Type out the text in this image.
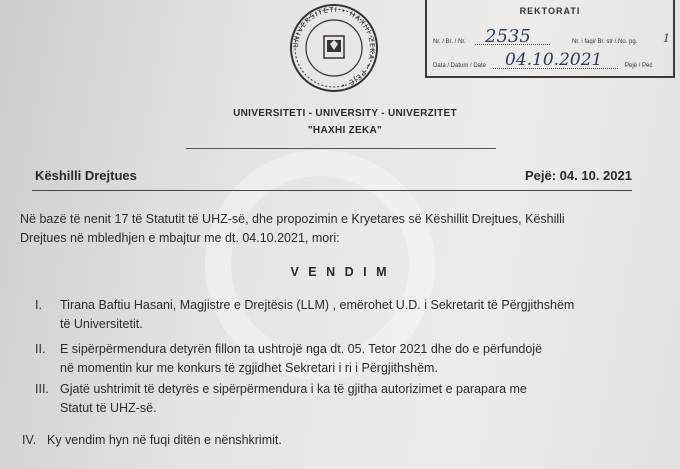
UNIVERSITETI • HAXHI ZEKA • PEJË •
REKTORATI
Nr. / Br. / Nr. 2535	Nr. i faqi/ Br. str / No. pg. 1
Data / Datum / Date 04.10.2021	Pejë / Peć
UNIVERSITETI - UNIVERSITY - UNIVERZITET
"HAXHI ZEKA"
Këshilli Drejtues	Pejë: 04. 10. 2021
Në bazë të nenit 17 të Statutit të UHZ-së, dhe propozimin e Kryetares së Këshillit Drejtues, Këshilli
Drejtues në mbledhjen e mbajtur me dt. 04.10.2021, mori:
V E N D I M
I. Tirana Baftiu Hasani, Magjistre e Drejtësis (LLM) , emërohet U.D. i Sekretarit të Përgjithshëm
të Universitetit.
II. E sipërpërmendura detyrën fillon ta ushtrojë nga dt. 05. Tetor 2021 dhe do e përfundojë
në momentin kur me konkurs të zgjidhet Sekretari i ri i Përgjithshëm.
III. Gjatë ushtrimit të detyrës e sipërpërmendura i ka të gjitha autorizimet e parapara me
Statut të UHZ-së.
IV. Ky vendim hyn në fuqi ditën e nënshkrimit.
